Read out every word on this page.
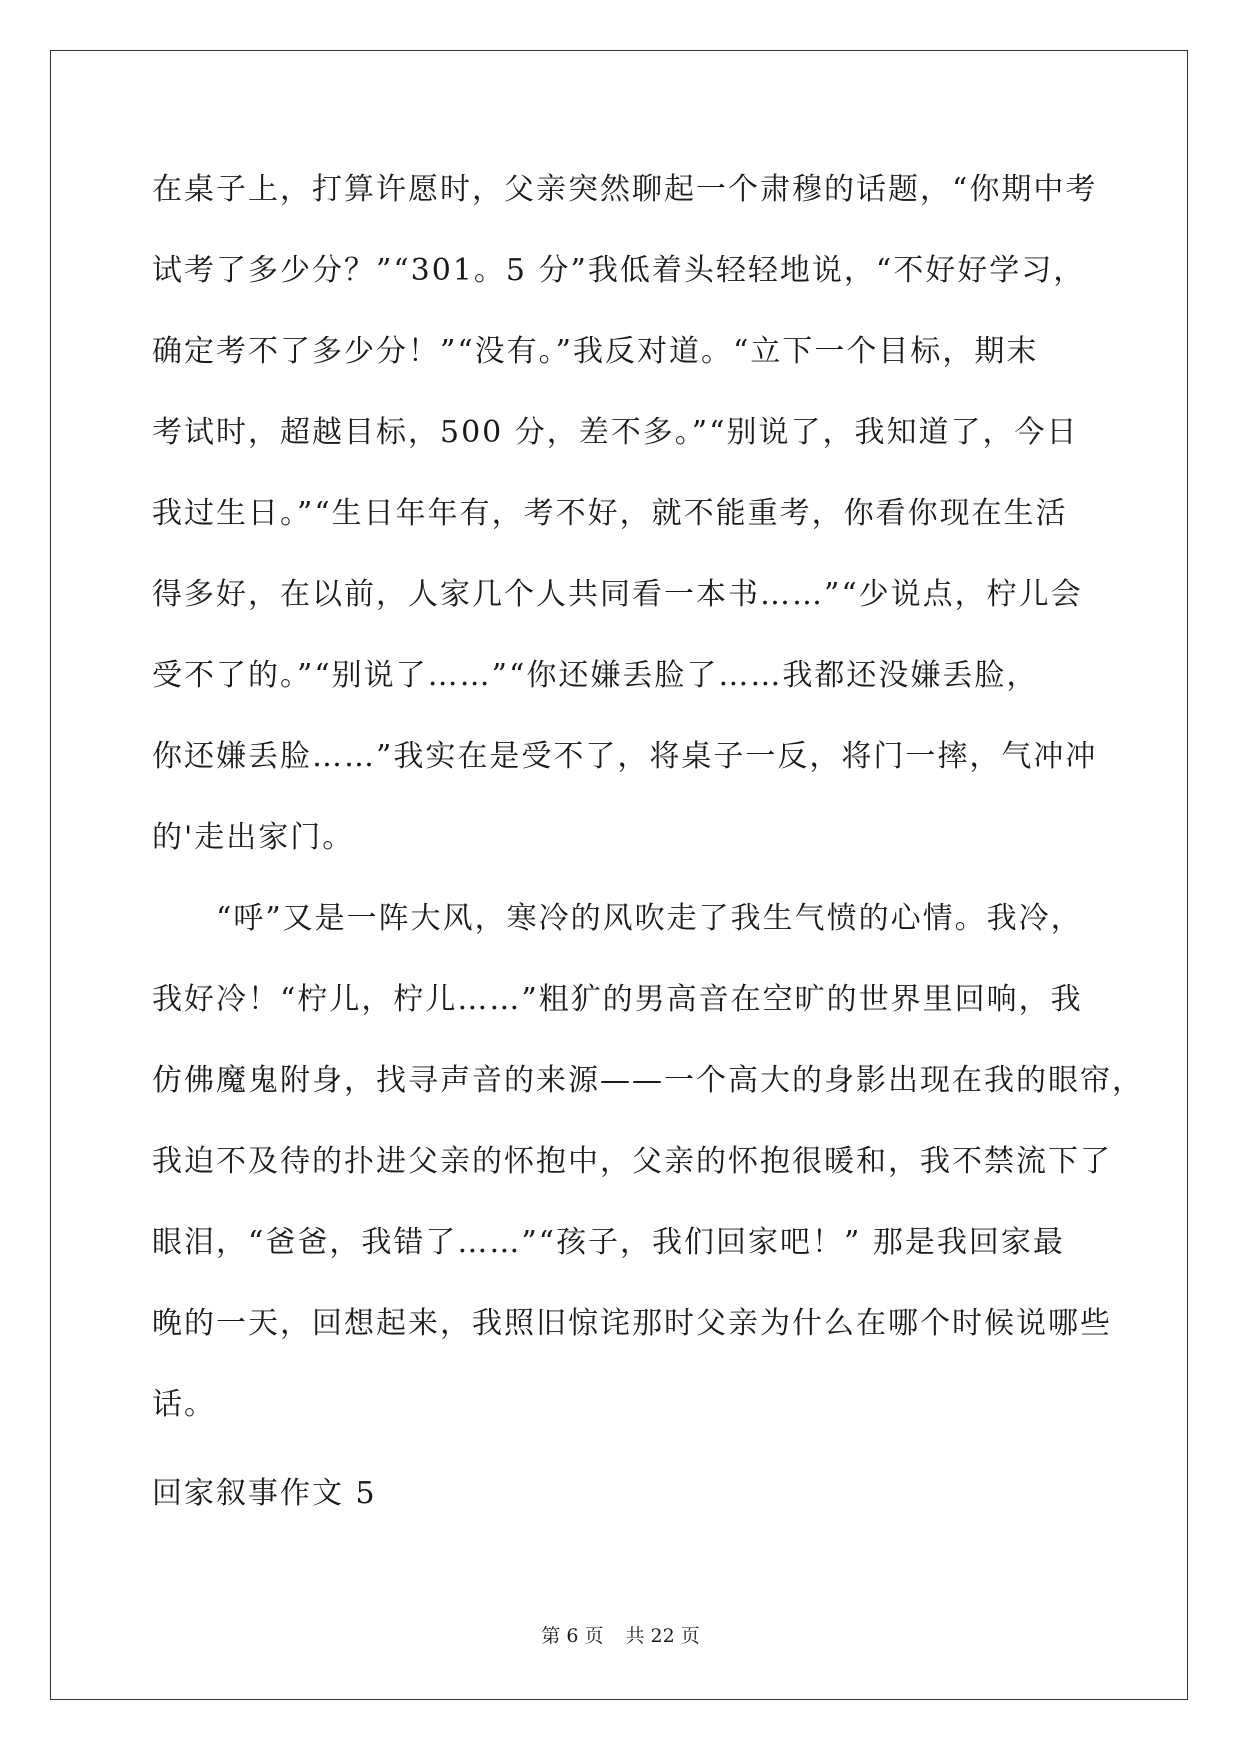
在桌子上，打算许愿时，父亲突然聊起一个肃穆的话题，“你期中考
试考了多少分？”“301。5 分”我低着头轻轻地说，“不好好学习，
确定考不了多少分！”“没有。”我反对道。“立下一个目标，期末
考试时，超越目标，500 分，差不多。”“别说了，我知道了，今日
我过生日。”“生日年年有，考不好，就不能重考，你看你现在生活
得多好，在以前，人家几个人共同看一本书……”“少说点，柠儿会
受不了的。”“别说了……”“你还嫌丢脸了……我都还没嫌丢脸，
你还嫌丢脸……”我实在是受不了，将桌子一反，将门一摔，气冲冲
的'走出家门。
　　“呼”又是一阵大风，寒冷的风吹走了我生气愤的心情。我冷，
我好冷！“柠儿，柠儿……”粗犷的男高音在空旷的世界里回响，我
仿佛魔鬼附身，找寻声音的来源——一个高大的身影出现在我的眼帘，
我迫不及待的扑进父亲的怀抱中，父亲的怀抱很暖和，我不禁流下了
眼泪，“爸爸，我错了……”“孩子，我们回家吧！” 那是我回家最
晚的一天，回想起来，我照旧惊诧那时父亲为什么在哪个时候说哪些
话。
回家叙事作文 5
第 6 页 共 22 页
